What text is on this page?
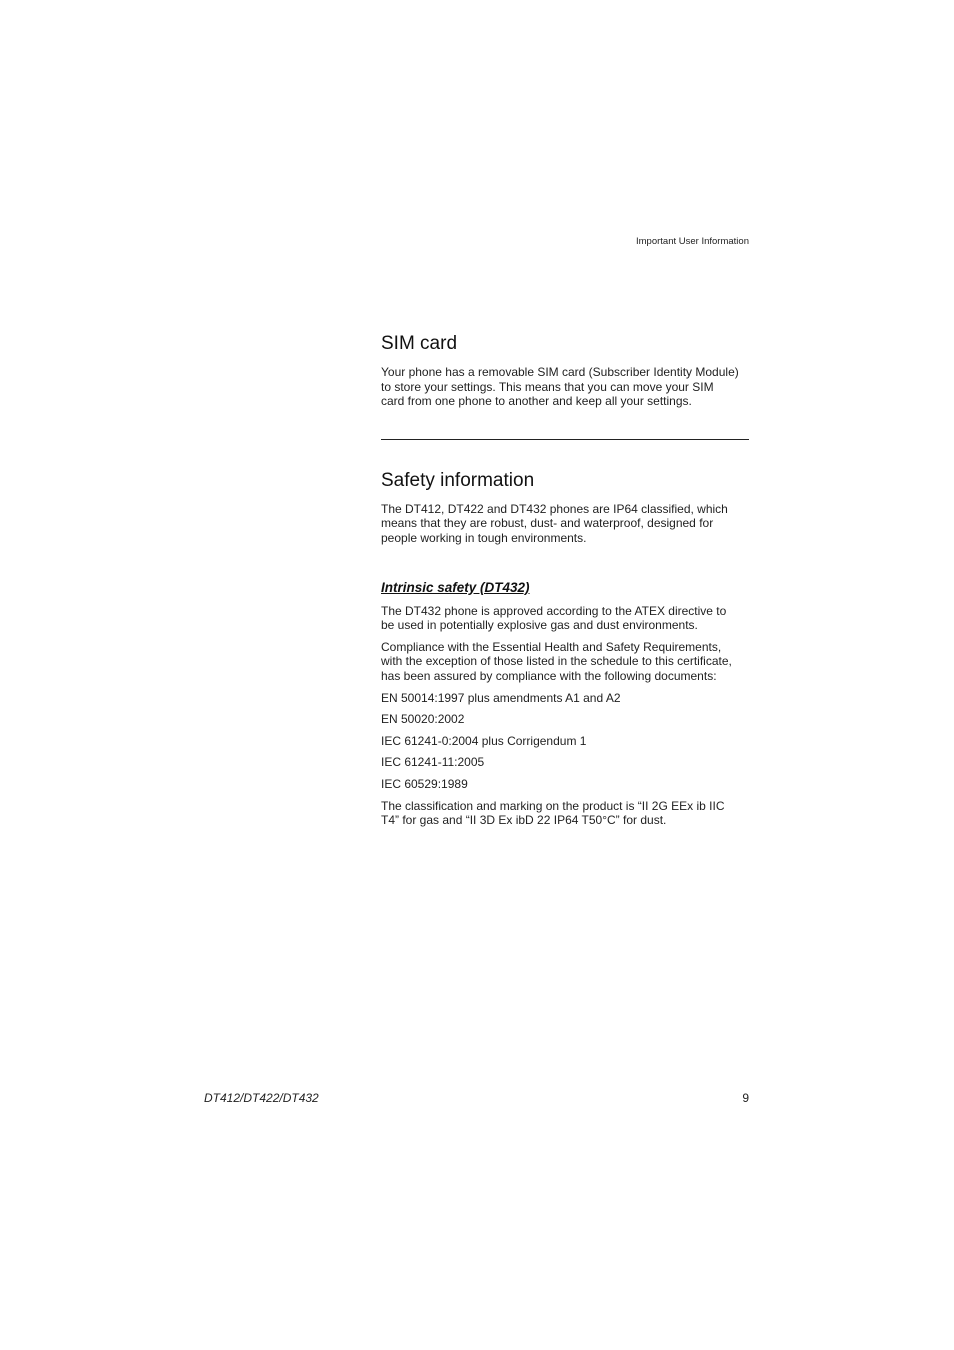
Important User Information
SIM card

Your phone has a removable SIM card (Subscriber Identity Module)
to store your settings. This means that you can move your SIM
card from one phone to another and keep all your settings.

Safety information

The DT412, DT422 and DT432 phones are IP64 classified, which
means that they are robust, dust- and waterproof, designed for
people working in tough environments.

Intrinsic safety (DT432)

The DT432 phone is approved according to the ATEX directive to
be used in potentially explosive gas and dust environments.

Compliance with the Essential Health and Safety Requirements,
with the exception of those listed in the schedule to this certificate,
has been assured by compliance with the following documents:

EN 50014:1997 plus amendments A1 and A2

EN 50020:2002

IEC 61241-0:2004 plus Corrigendum 1

IEC 61241-11:2005

IEC 60529:1989

The classification and marking on the product is “II 2G EEx ib IIC
T4” for gas and “II 3D Ex ibD 22 IP64 T50°C” for dust.

DT412/DT422/DT432	9
